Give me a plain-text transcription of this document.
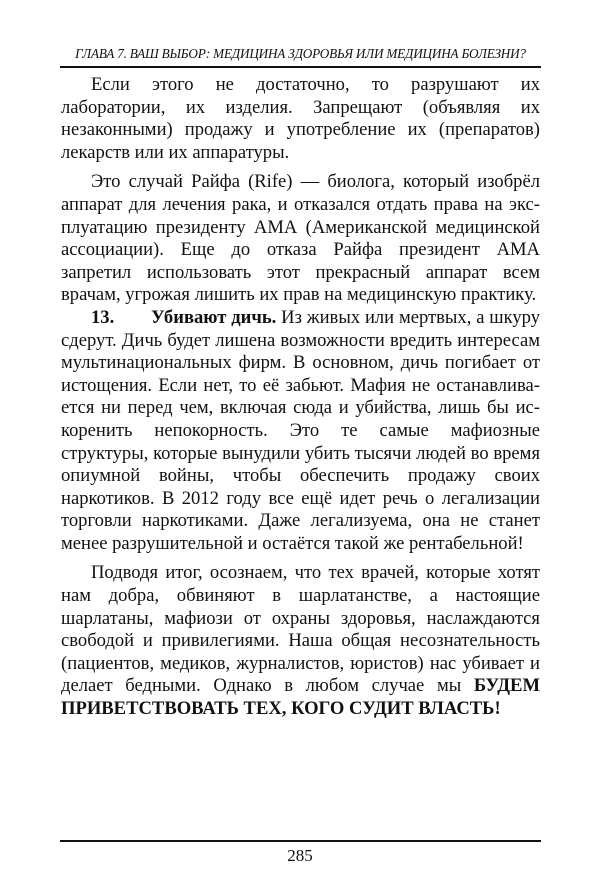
ГЛАВА 7. ВАШ ВЫБОР: МЕДИЦИНА ЗДОРОВЬЯ ИЛИ МЕДИЦИНА БОЛЕЗНИ?

Если этого не достаточно, то разрушают их лаборатории, их изделия. Запрещают (объявляя их незаконными) продажу и употребление их (препаратов) лекарств или их аппаратуры.

Это случай Райфа (Rife) — биолога, который изобрёл аппарат для лечения рака, и отказался отдать права на эксплуатацию президенту АМА (Американской медицинской ассоциации). Еще до отказа Райфа президент АМА запретил использовать этот прекрасный аппарат всем врачам, угрожая лишить их прав на медицинскую практику.

13. Убивают дичь. Из живых или мертвых, а шкуру сдерут. Дичь будет лишена возможности вредить интересам мультинациональных фирм. В основном, дичь погибает от истощения. Если нет, то её забьют. Мафия не останавливается ни перед чем, включая сюда и убийства, лишь бы искоренить непокорность. Это те самые мафиозные структуры, которые вынудили убить тысячи людей во время опиумной войны, чтобы обеспечить продажу своих наркотиков. В 2012 году все ещё идет речь о легализации торговли наркотиками. Даже легализуема, она не станет менее разрушительной и остаётся такой же рентабельной!

Подводя итог, осознаем, что тех врачей, которые хотят нам добра, обвиняют в шарлатанстве, а настоящие шарлатаны, мафиози от охраны здоровья, наслаждаются свободой и привилегиями. Наша общая несознательность (пациентов, медиков, журналистов, юристов) нас убивает и делает бедными. Однако в любом случае мы БУДЕМ ПРИВЕТСТВОВАТЬ ТЕХ, КОГО СУДИТ ВЛАСТЬ!

285
